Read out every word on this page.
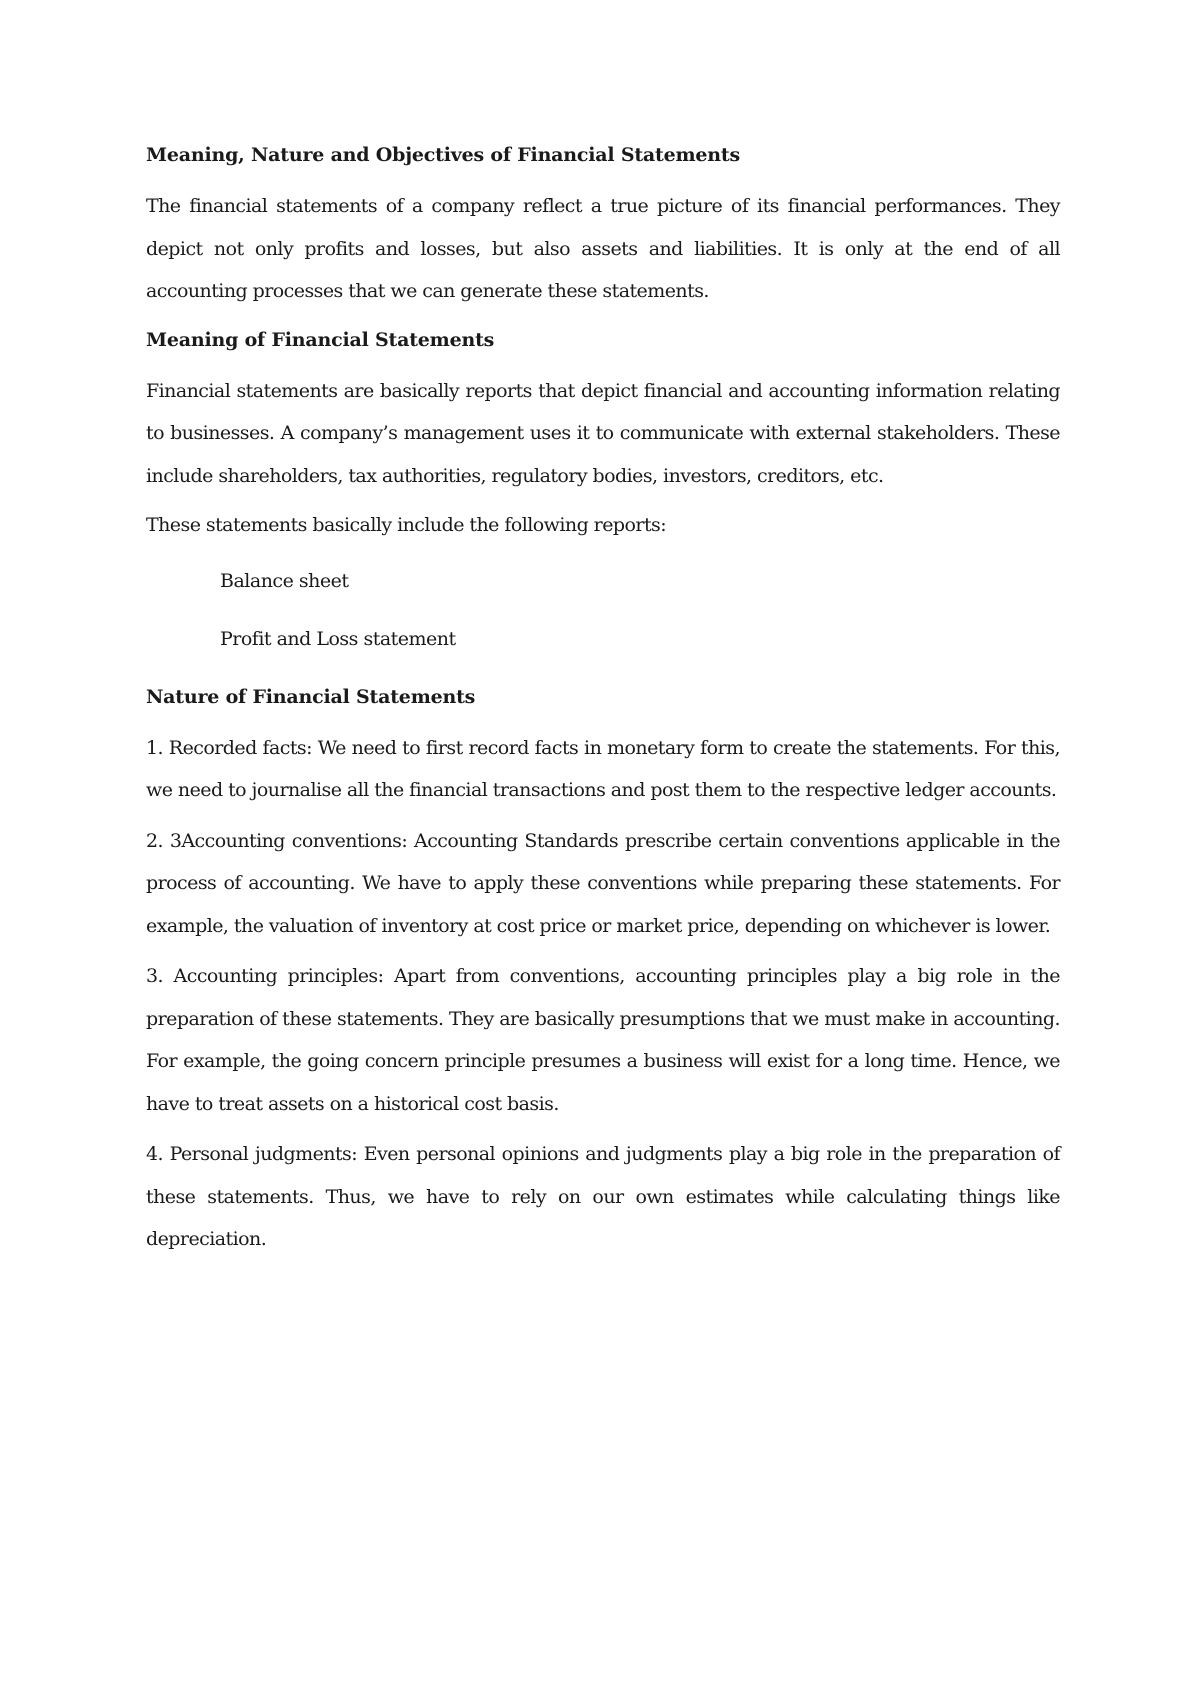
Meaning, Nature and Objectives of Financial Statements

The financial statements of a company reflect a true picture of its financial performances. They depict not only profits and losses, but also assets and liabilities. It is only at the end of all accounting processes that we can generate these statements.

Meaning of Financial Statements

Financial statements are basically reports that depict financial and accounting information relating to businesses. A company’s management uses it to communicate with external stakeholders. These include shareholders, tax authorities, regulatory bodies, investors, creditors, etc.

These statements basically include the following reports:

Balance sheet
Profit and Loss statement
Nature of Financial Statements

1. Recorded facts: We need to first record facts in monetary form to create the statements. For this, we need to journalise all the financial transactions and post them to the respective ledger accounts.

2. 3Accounting conventions: Accounting Standards prescribe certain conventions applicable in the process of accounting. We have to apply these conventions while preparing these statements. For example, the valuation of inventory at cost price or market price, depending on whichever is lower.

3. Accounting principles: Apart from conventions, accounting principles play a big role in the preparation of these statements. They are basically presumptions that we must make in accounting. For example, the going concern principle presumes a business will exist for a long time. Hence, we have to treat assets on a historical cost basis.

4. Personal judgments: Even personal opinions and judgments play a big role in the preparation of these statements. Thus, we have to rely on our own estimates while calculating things like depreciation.
